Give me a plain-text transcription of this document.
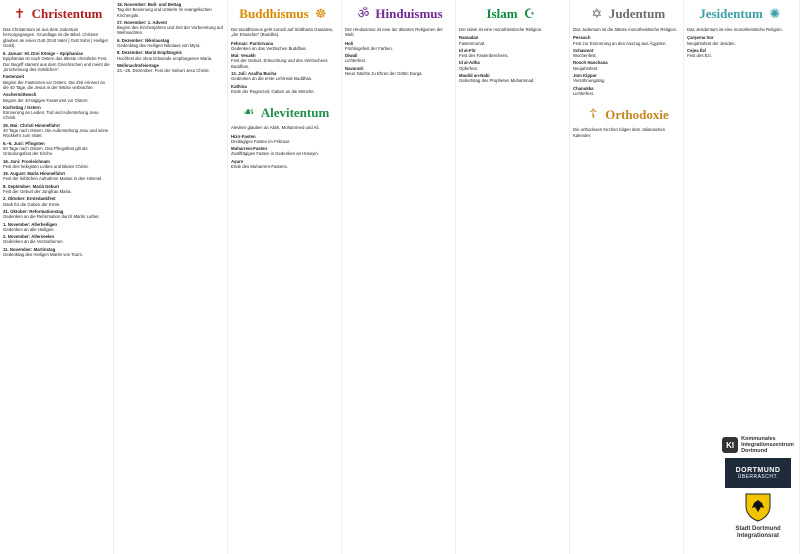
✝ Christentum
Das Christentum ist aus dem Judentum hervorgegangen. Grundlage ist die Bibel. Christen glauben an einen Gott (Gott Vater | Gott Sohn | Heiliger Geist).
6. Januar: Hl. Drei Könige – Epiphanias
Epiphanias ist nach Ostern das älteste christliche Fest. Der Begriff stammt aus dem Griechischen und meint die „Erscheinung des Göttlichen“.
Fastenzeit
Beginn der Fastenzeit vor Ostern. Die Zeit erinnert an die 40 Tage, die Jesus in der Wüste verbrachte.
Aschermittwoch
Beginn der 40-tägigen Fastenzeit vor Ostern.
Karfreitag / Ostern
Erinnerung an Leiden, Tod und Auferstehung Jesu Christi.
26. Mai: Christi Himmelfahrt
40 Tage nach Ostern. Die Auferstehung Jesu und seine Rückkehr zum Vater.
5.–6. Juni: Pfingsten
50 Tage nach Ostern. Das Pfingstfest gilt als Gründungsfest der Kirche.
16. Juni: Fronleichnam
Fest des heiligsten Leibes und Blutes Christi.
15. August: Mariä Himmelfahrt
Fest der leiblichen Aufnahme Marias in den Himmel.
8. September: Mariä Geburt
Fest der Geburt der Jungfrau Maria.
2. Oktober: Erntedankfest
Dank für die Gaben der Ernte.
31. Oktober: Reformationstag
Gedenken an die Reformation durch Martin Luther.
1. November: Allerheiligen
Gedenken an alle Heiligen.
2. November: Allerseelen
Gedenken an die Verstorbenen.
11. November: Martinstag
Gedenktag des Heiligen Martin von Tours.
16. November: Buß- und Bettag
Tag der Besinnung und Umkehr im evangelischen Kirchenjahr.
27. November: 1. Advent
Beginn des Kirchenjahres und Zeit der Vorbereitung auf Weihnachten.
6. Dezember: Nikolaustag
Gedenktag des Heiligen Nikolaus von Myra.
8. Dezember: Mariä Empfängnis
Hochfest der ohne Erbsünde empfangenen Maria.
Weihnachtsfeiertage
24.–26. Dezember: Fest der Geburt Jesu Christi.
Buddhismus ☸
Der Buddhismus geht zurück auf Siddharta Gautama, „der Erwachte“ (Buddha).
Februar: Parinirvana
Gedenken an das Verlöschen Buddhas.
Mai: Vesakh
Fest der Geburt, Erleuchtung und des Verlöschens Buddhas.
13. Juli: Asalha Bucha
Gedenken an die erste Lehrrede Buddhas.
Kathina
Ende der Regenzeit; Gaben an die Mönche.
☙ Alevitentum
Aleviten glauben an Allah, Mohammed und Ali.
Hizir-Fasten
Dreitägiges Fasten im Februar.
Muharrem-Fasten
Zwölftägiges Fasten in Gedenken an Hüseyin.
Aşure
Ende des Muharrem-Fastens.
ॐ Hinduismus
Der Hinduismus ist eine der ältesten Religionen der Welt.
Holi
Frühlingsfest der Farben.
Diwali
Lichterfest.
Navaratri
Neun Nächte zu Ehren der Göttin Durga.
Islam ☪
Der Islam ist eine monotheistische Religion.
Ramadan
Fastenmonat.
Id al-Fitr
Fest des Fastenbrechens.
Id al-Adha
Opferfest.
Maulid an-Nabi
Geburtstag des Propheten Muhammad.
✡ Judentum
Das Judentum ist die älteste monotheistische Religion.
Pessach
Fest zur Erinnerung an den Auszug aus Ägypten.
Schawuot
Wochenfest.
Rosch Haschana
Neujahrsfest.
Jom Kippur
Versöhnungstag.
Chanukka
Lichterfest.
☦ Orthodoxie
Die orthodoxen Kirchen folgen dem Julianischen Kalender.
Jesidentum ✺
Das Jesidentum ist eine monotheistische Religion.
Çarşema Sor
Neujahrsfest der Jesiden.
Cejna Êzî
Fest des Ezi.
KI
Kommunales
Integrationszentrum
Dortmund
DORTMUND
ÜBERRASCHT.
Stadt Dortmund
Integrationsrat
